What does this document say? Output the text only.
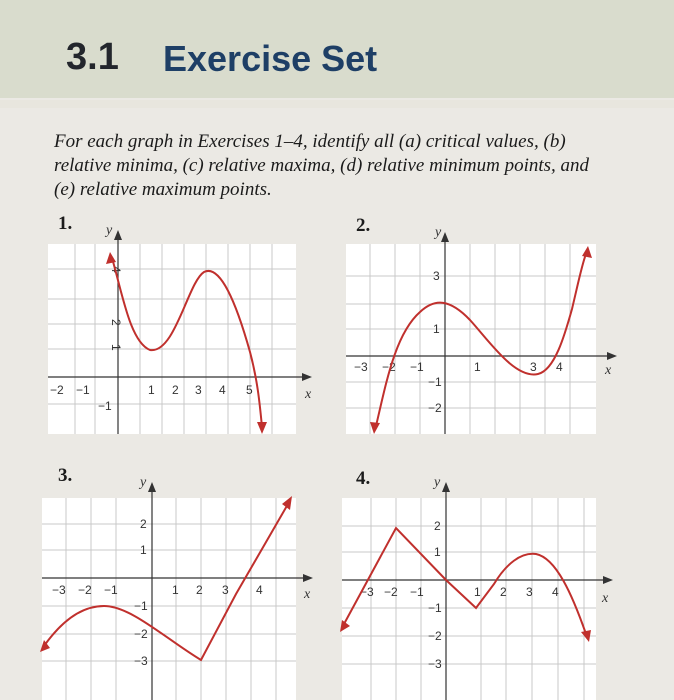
3.1 Exercise Set
For each graph in Exercises 1–4, identify all (a) critical values, (b) relative minima, (c) relative maxima, (d) relative minimum points, and (e) relative maximum points.
1.	2.
3.	4.
y
x
−2 −1	1 2 3 4 5
4
2
1
−1
y
x
−3 −2 −1	1	3 4
3
1
−1
−2
y
x
−3 −2 −1	1 2 3 4
2
1
−1
−2
−3
y
x
−3 −2 −1	1 2 3 4
2
1
−1
−2
−3
